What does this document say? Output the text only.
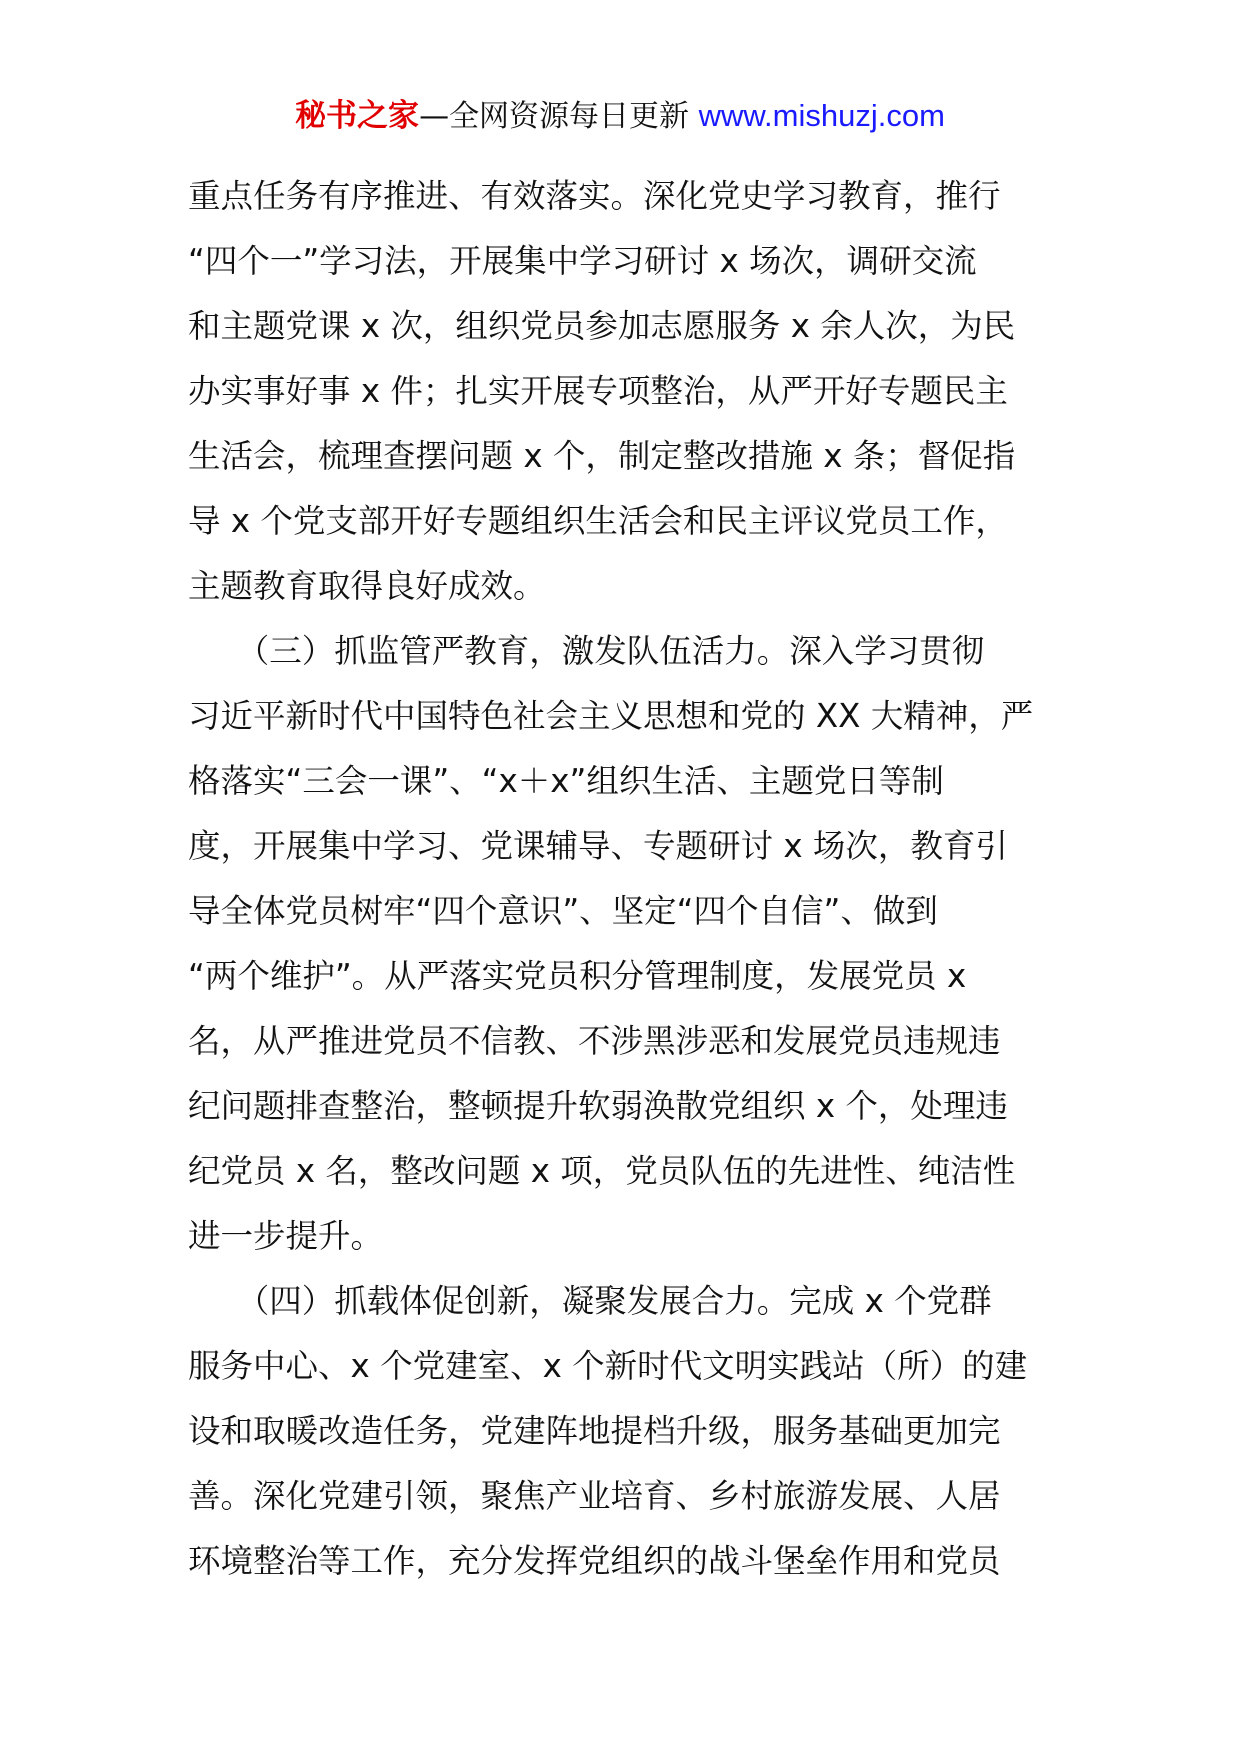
秘书之家—全网资源每日更新 www.mishuzj.com
重点任务有序推进、有效落实。深化党史学习教育，推行
“四个一”学习法，开展集中学习研讨 x 场次，调研交流
和主题党课 x 次，组织党员参加志愿服务 x 余人次，为民
办实事好事 x 件；扎实开展专项整治，从严开好专题民主
生活会，梳理查摆问题 x 个，制定整改措施 x 条；督促指
导 x 个党支部开好专题组织生活会和民主评议党员工作，
主题教育取得良好成效。
　　（三）抓监管严教育，激发队伍活力。深入学习贯彻
习近平新时代中国特色社会主义思想和党的 XX 大精神，严
格落实“三会一课”、“x＋x”组织生活、主题党日等制
度，开展集中学习、党课辅导、专题研讨 x 场次，教育引
导全体党员树牢“四个意识”、坚定“四个自信”、做到
“两个维护”。从严落实党员积分管理制度，发展党员 x
名，从严推进党员不信教、不涉黑涉恶和发展党员违规违
纪问题排查整治，整顿提升软弱涣散党组织 x 个，处理违
纪党员 x 名，整改问题 x 项，党员队伍的先进性、纯洁性
进一步提升。
　　（四）抓载体促创新，凝聚发展合力。完成 x 个党群
服务中心、x 个党建室、x 个新时代文明实践站（所）的建
设和取暖改造任务，党建阵地提档升级，服务基础更加完
善。深化党建引领，聚焦产业培育、乡村旅游发展、人居
环境整治等工作，充分发挥党组织的战斗堡垒作用和党员
